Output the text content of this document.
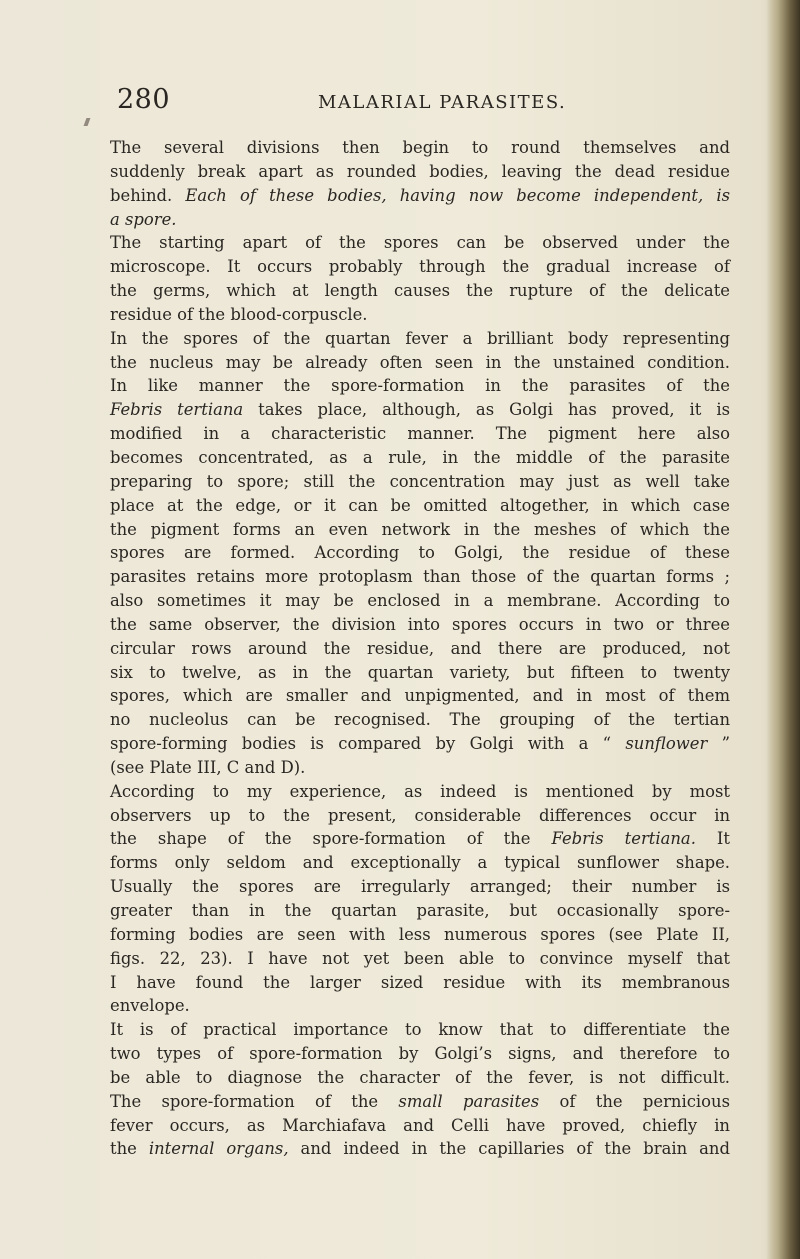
280	MALARIAL PARASITES.
The several divisions then begin to round themselves and
suddenly break apart as rounded bodies, leaving the dead residue
behind. Each of these bodies, having now become independent, is
a spore.
The starting apart of the spores can be observed under the
microscope. It occurs probably through the gradual increase of
the germs, which at length causes the rupture of the delicate
residue of the blood-corpuscle.
In the spores of the quartan fever a brilliant body representing
the nucleus may be already often seen in the unstained condition.
In like manner the spore-formation in the parasites of the
Febris tertiana takes place, although, as Golgi has proved, it is
modified in a characteristic manner. The pigment here also
becomes concentrated, as a rule, in the middle of the parasite
preparing to spore; still the concentration may just as well take
place at the edge, or it can be omitted altogether, in which case
the pigment forms an even network in the meshes of which the
spores are formed. According to Golgi, the residue of these
parasites retains more protoplasm than those of the quartan forms ;
also sometimes it may be enclosed in a membrane. According to
the same observer, the division into spores occurs in two or three
circular rows around the residue, and there are produced, not
six to twelve, as in the quartan variety, but fifteen to twenty
spores, which are smaller and unpigmented, and in most of them
no nucleolus can be recognised. The grouping of the tertian
spore-forming bodies is compared by Golgi with a “ sunflower ”
(see Plate III, C and D).
According to my experience, as indeed is mentioned by most
observers up to the present, considerable differences occur in
the shape of the spore-formation of the Febris tertiana. It
forms only seldom and exceptionally a typical sunflower shape.
Usually the spores are irregularly arranged; their number is
greater than in the quartan parasite, but occasionally spore-
forming bodies are seen with less numerous spores (see Plate II,
figs. 22, 23). I have not yet been able to convince myself that
I have found the larger sized residue with its membranous
envelope.
It is of practical importance to know that to differentiate the
two types of spore-formation by Golgi’s signs, and therefore to
be able to diagnose the character of the fever, is not difficult.
The spore-formation of the small parasites of the pernicious
fever occurs, as Marchiafava and Celli have proved, chiefly in
the internal organs, and indeed in the capillaries of the brain and
